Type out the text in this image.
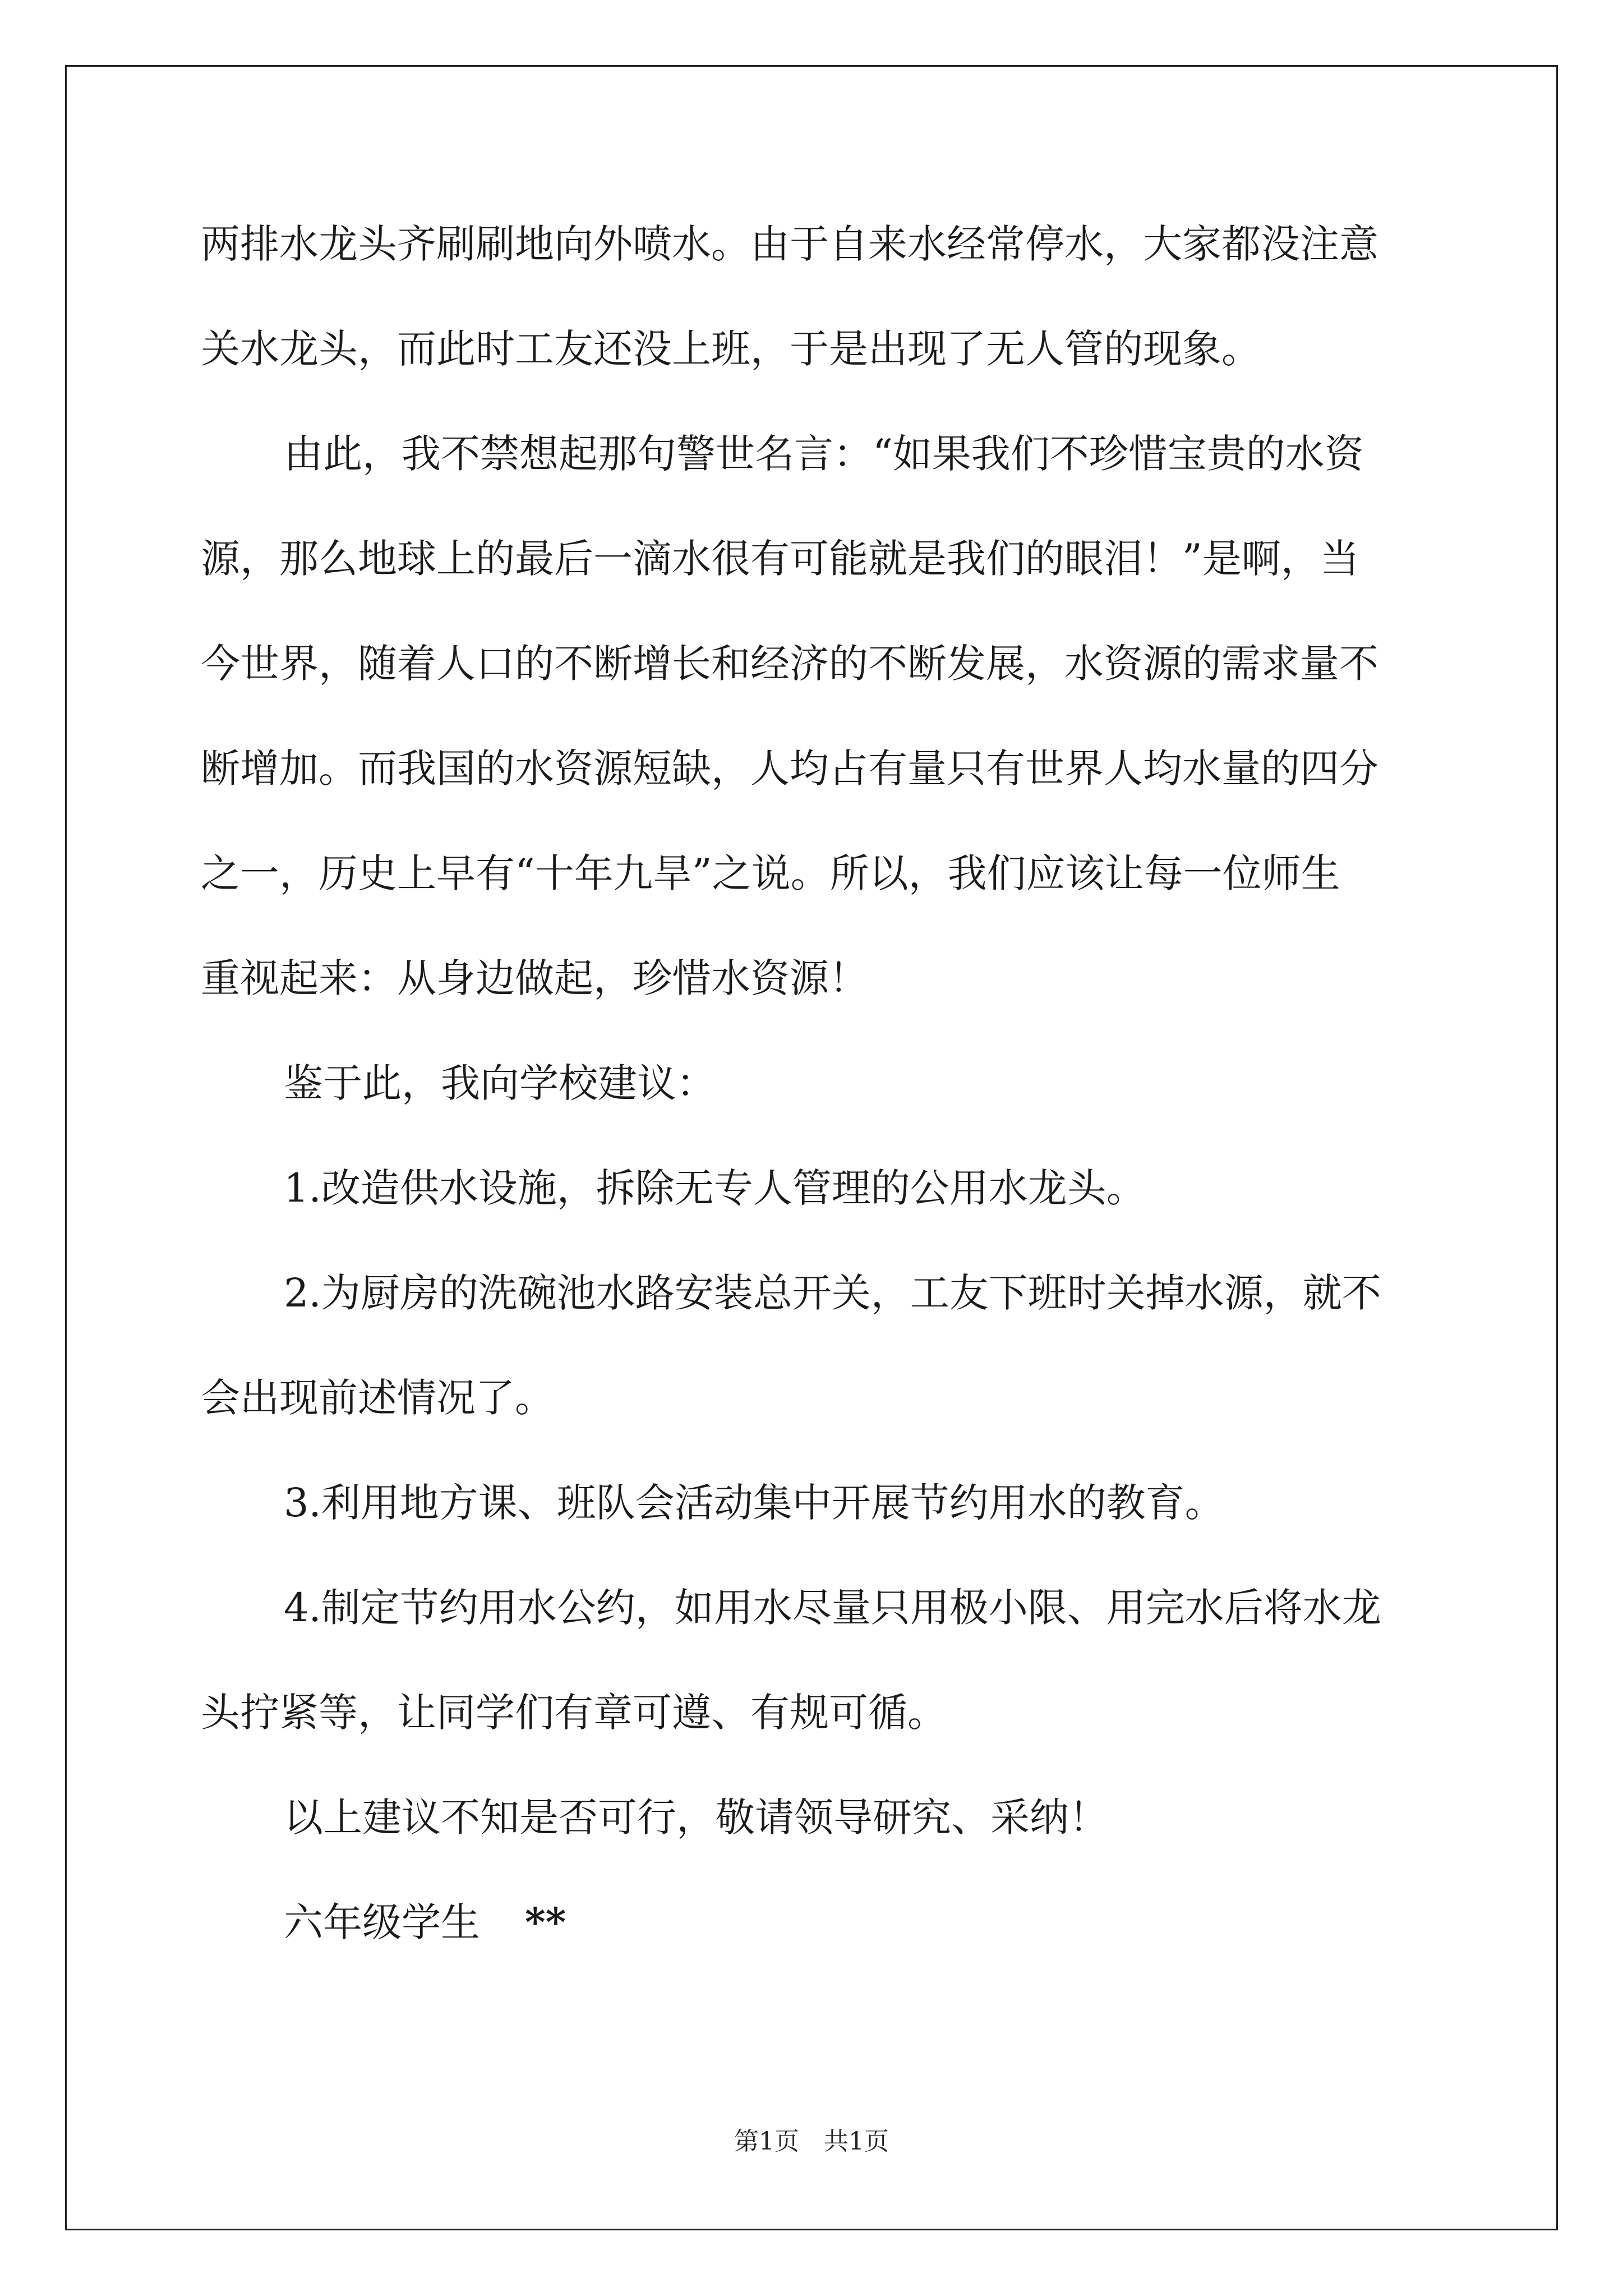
两排水龙头齐刷刷地向外喷水。由于自来水经常停水，大家都没注意
关水龙头，而此时工友还没上班，于是出现了无人管的现象。
由此，我不禁想起那句警世名言：“如果我们不珍惜宝贵的水资
源，那么地球上的最后一滴水很有可能就是我们的眼泪！”是啊，当
今世界，随着人口的不断增长和经济的不断发展，水资源的需求量不
断增加。而我国的水资源短缺，人均占有量只有世界人均水量的四分
之一，历史上早有“十年九旱”之说。所以，我们应该让每一位师生
重视起来：从身边做起，珍惜水资源！
鉴于此，我向学校建议：
1.改造供水设施，拆除无专人管理的公用水龙头。
2.为厨房的洗碗池水路安装总开关，工友下班时关掉水源，就不
会出现前述情况了。
3.利用地方课、班队会活动集中开展节约用水的教育。
4.制定节约用水公约，如用水尽量只用极小限、用完水后将水龙
头拧紧等，让同学们有章可遵、有规可循。
以上建议不知是否可行，敬请领导研究、采纳！
六年级学生 **
第1页　共1页
